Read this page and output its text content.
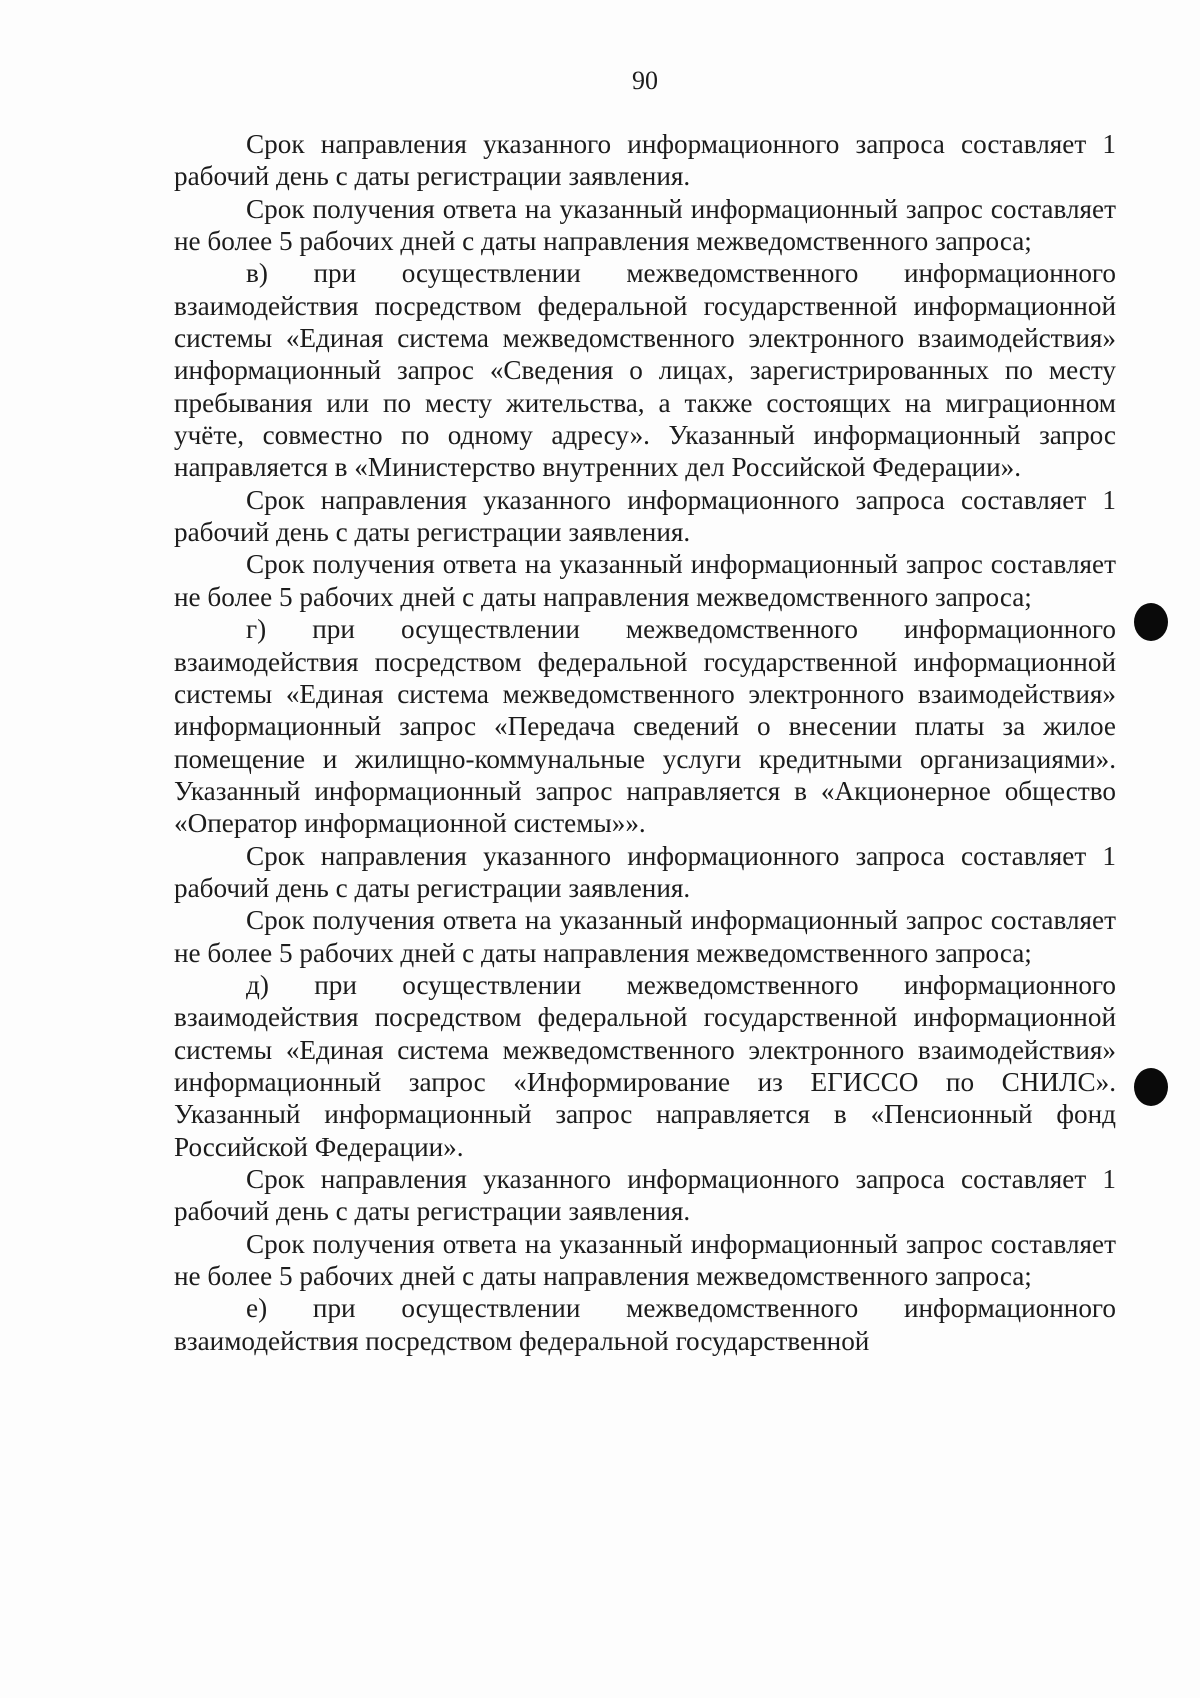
90

Срок направления указанного информационного запроса составляет 1 рабочий день с даты регистрации заявления.

Срок получения ответа на указанный информационный запрос составляет не более 5 рабочих дней с даты направления межведомственного запроса;

в) при осуществлении межведомственного информационного взаимодействия посредством федеральной государственной информационной системы «Единая система межведомственного электронного взаимодействия» информационный запрос «Сведения о лицах, зарегистрированных по месту пребывания или по месту жительства, а также состоящих на миграционном учёте, совместно по одному адресу». Указанный информационный запрос направляется в «Министерство внутренних дел Российской Федерации».

Срок направления указанного информационного запроса составляет 1 рабочий день с даты регистрации заявления.

Срок получения ответа на указанный информационный запрос составляет не более 5 рабочих дней с даты направления межведомственного запроса;

г) при осуществлении межведомственного информационного взаимодействия посредством федеральной государственной информационной системы «Единая система межведомственного электронного взаимодействия» информационный запрос «Передача сведений о внесении платы за жилое помещение и жилищно-коммунальные услуги кредитными организациями». Указанный информационный запрос направляется в «Акционерное общество «Оператор информационной системы»».

Срок направления указанного информационного запроса составляет 1 рабочий день с даты регистрации заявления.

Срок получения ответа на указанный информационный запрос составляет не более 5 рабочих дней с даты направления межведомственного запроса;

д) при осуществлении межведомственного информационного взаимодействия посредством федеральной государственной информационной системы «Единая система межведомственного электронного взаимодействия» информационный запрос «Информирование из ЕГИССО по СНИЛС». Указанный информационный запрос направляется в «Пенсионный фонд Российской Федерации».

Срок направления указанного информационного запроса составляет 1 рабочий день с даты регистрации заявления.

Срок получения ответа на указанный информационный запрос составляет не более 5 рабочих дней с даты направления межведомственного запроса;

е) при осуществлении межведомственного информационного взаимодействия посредством федеральной государственной
